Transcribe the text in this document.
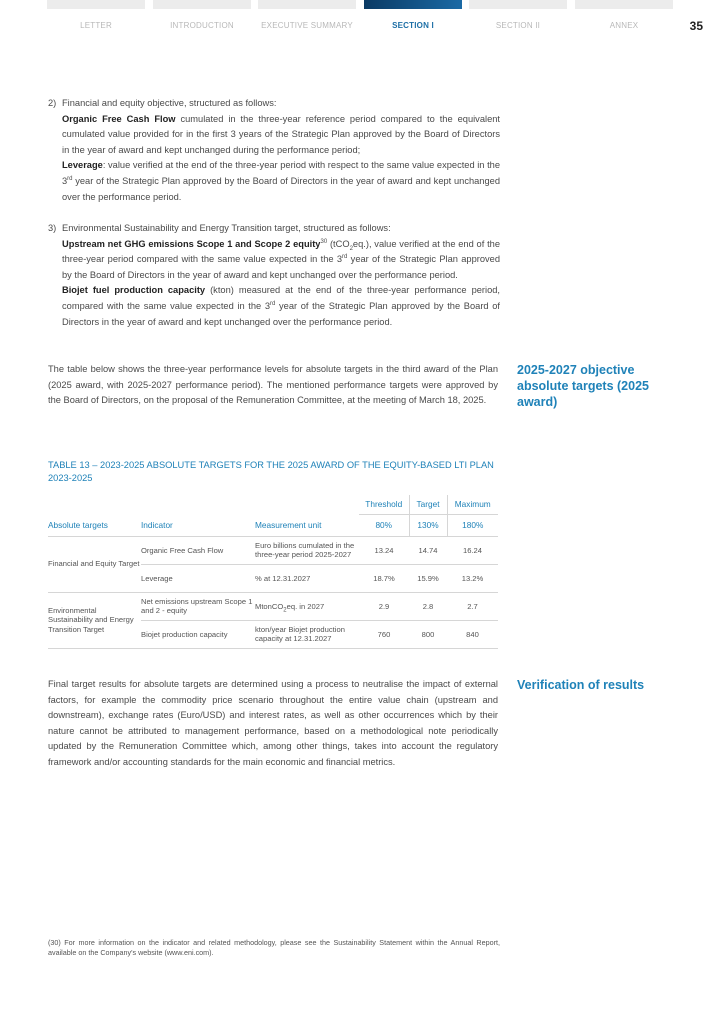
LETTER	INTRODUCTION	EXECUTIVE SUMMARY	SECTION I	SECTION II	ANNEX	35
2) Financial and equity objective, structured as follows:
Organic Free Cash Flow cumulated in the three-year reference period compared to the equivalent cumulated value provided for in the first 3 years of the Strategic Plan approved by the Board of Directors in the year of award and kept unchanged during the performance period;
Leverage: value verified at the end of the three-year period with respect to the same value expected in the 3rd year of the Strategic Plan approved by the Board of Directors in the year of award and kept unchanged over the performance period.
3) Environmental Sustainability and Energy Transition target, structured as follows:
Upstream net GHG emissions Scope 1 and Scope 2 equity$^{30}$ (tCO$_2$eq.), value verified at the end of the three-year period compared with the same value expected in the 3rd year of the Strategic Plan approved by the Board of Directors in the year of award and kept unchanged over the performance period.
Biojet fuel production capacity (kton) measured at the end of the three-year performance period, compared with the same value expected in the 3rd year of the Strategic Plan approved by the Board of Directors in the year of award and kept unchanged over the performance period.
The table below shows the three-year performance levels for absolute targets in the third award of the Plan (2025 award, with 2025-2027 performance period). The mentioned performance targets were approved by the Board of Directors, on the proposal of the Remuneration Committee, at the meeting of March 18, 2025.
2025-2027 objective absolute targets (2025 award)
TABLE 13 – 2023-2025 ABSOLUTE TARGETS FOR THE 2025 AWARD OF THE EQUITY-BASED LTI PLAN 2023-2025
			Threshold	Target	Maximum
Absolute targets	Indicator	Measurement unit	80%	130%	180%
Financial and Equity Target	Organic Free Cash Flow	Euro billions cumulated in the three-year period 2025-2027	13.24	14.74	16.24
	Leverage	% at 12.31.2027	18.7%	15.9%	13.2%
Environmental Sustainability and Energy Transition Target	Net emissions upstream Scope 1 and 2 - equity	MtonCO$_2$eq. in 2027	2.9	2.8	2.7
	Biojet production capacity	kton/year Biojet production capacity at 12.31.2027	760	800	840
Final target results for absolute targets are determined using a process to neutralise the impact of external factors, for example the commodity price scenario throughout the entire value chain (upstream and downstream), exchange rates (Euro/USD) and interest rates, as well as other occurrences which by their nature cannot be attributed to management performance, based on a methodological note periodically updated by the Remuneration Committee which, among other things, takes into account the regulatory framework and/or accounting standards for the main economic and financial metrics.
Verification of results
(30) For more information on the indicator and related methodology, please see the Sustainability Statement within the Annual Report, available on the Company's website (www.eni.com).
